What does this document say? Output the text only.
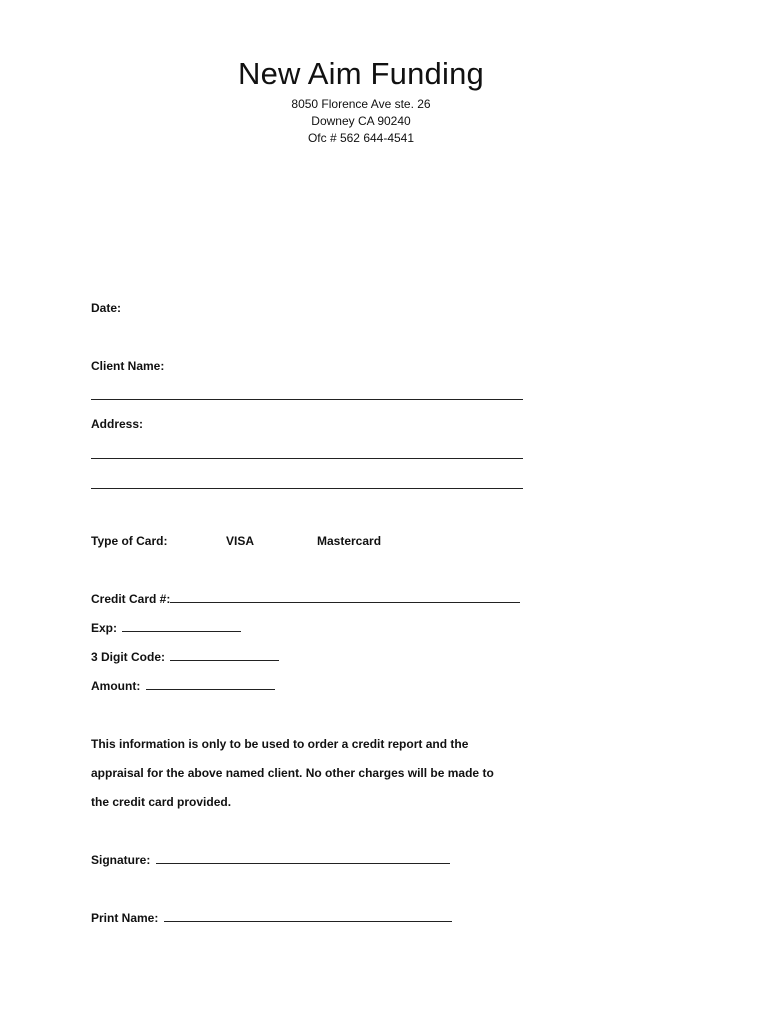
New Aim Funding
8050 Florence Ave ste. 26
Downey CA 90240
Ofc # 562 644-4541
Date:
Client Name:
Address:
Type of Card:	VISA	Mastercard
Credit Card #:
Exp:
3 Digit Code:
Amount:
This information is only to be used to order a credit report and the
appraisal for the above named client. No other charges will be made to
the credit card provided.
Signature:
Print Name:
